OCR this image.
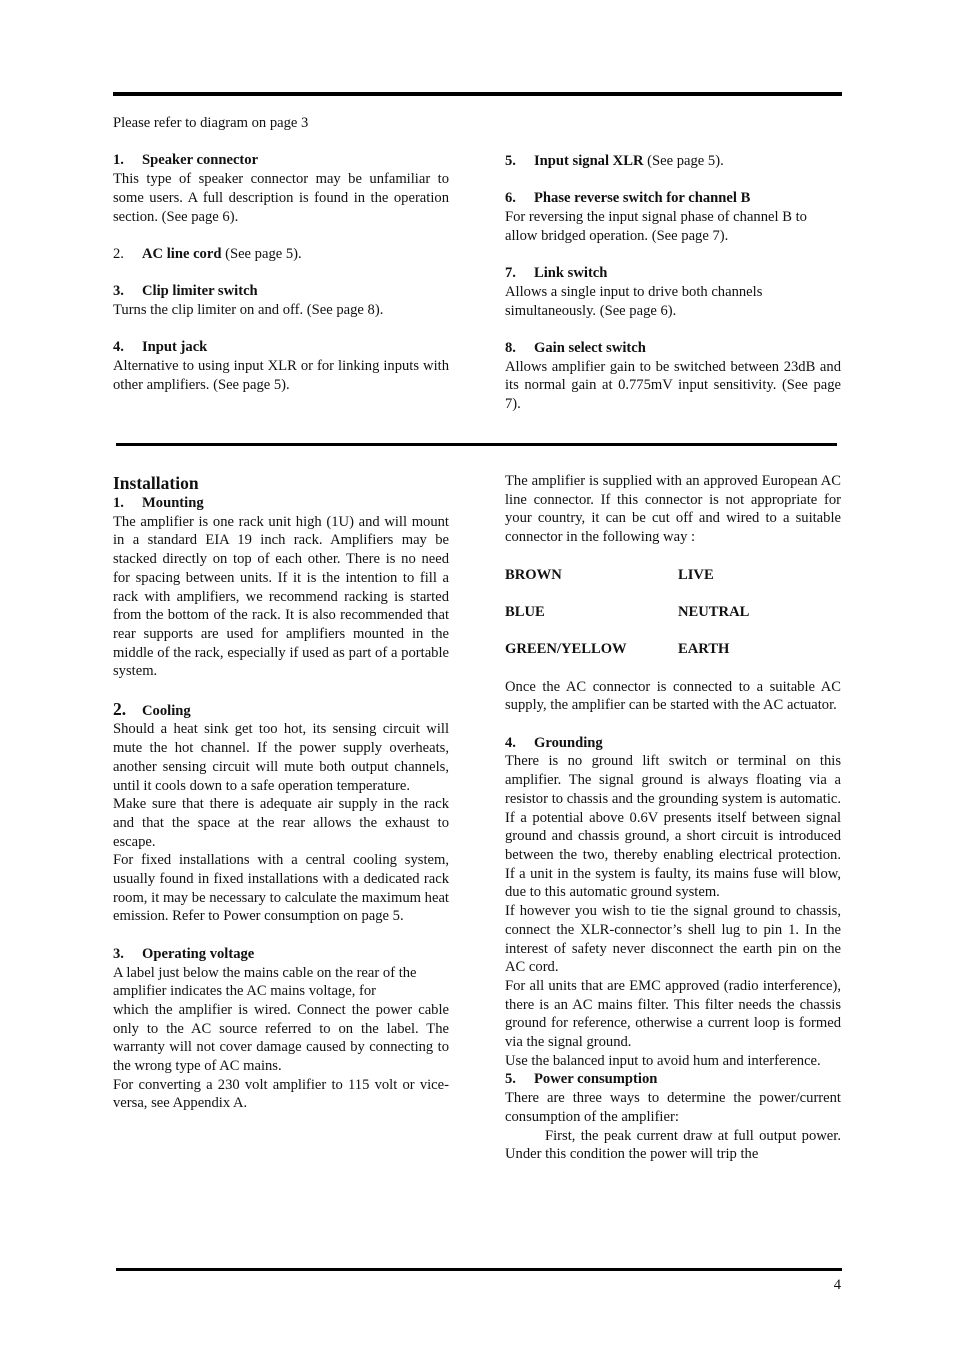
Please refer to diagram on page 3

1. Speaker connector

This type of speaker connector may be unfamiliar to some users. A full description is found in the operation section. (See page 6).

2. AC line cord (See page 5).

3. Clip limiter switch

Turns the clip limiter on and off. (See page 8).

4. Input jack

Alternative to using input XLR or for linking inputs with other amplifiers. (See page 5).

5. Input signal XLR (See page 5).

6. Phase reverse switch for channel B

For reversing the input signal phase of channel B to allow bridged operation. (See page 7).

7. Link switch

Allows a single input to drive both channels simultaneously. (See page 6).

8. Gain select switch

Allows amplifier gain to be switched between 23dB and its normal gain at 0.775mV input sensitivity. (See page 7).

Installation

1. Mounting

The amplifier is one rack unit high (1U) and will mount in a standard EIA 19 inch rack. Amplifiers may be stacked directly on top of each other. There is no need for spacing between units. If it is the intention to fill a rack with amplifiers, we recommend racking is started from the bottom of the rack. It is also recommended that rear supports are used for amplifiers mounted in the middle of the rack, especially if used as part of a portable system.

2. Cooling

Should a heat sink get too hot, its sensing circuit will mute the hot channel. If the power supply overheats, another sensing circuit will mute both output channels, until it cools down to a safe operation temperature.

Make sure that there is adequate air supply in the rack and that the space at the rear allows the exhaust to escape.

For fixed installations with a central cooling system, usually found in fixed installations with a dedicated rack room, it may be necessary to calculate the maximum heat emission. Refer to Power consumption on page 5.

3. Operating voltage

A label just below the mains cable on the rear of the amplifier indicates the AC mains voltage, for

which the amplifier is wired. Connect the power cable only to the AC source referred to on the label. The warranty will not cover damage caused by connecting to the wrong type of AC mains.

For converting a 230 volt amplifier to 115 volt or vice-versa, see Appendix A.

The amplifier is supplied with an approved European AC line connector. If this connector is not appropriate for your country, it can be cut off and wired to a suitable connector in the following way :

BROWN	LIVE
BLUE	NEUTRAL
GREEN/YELLOW	EARTH

Once the AC connector is connected to a suitable AC supply, the amplifier can be started with the AC actuator.

4. Grounding

There is no ground lift switch or terminal on this amplifier. The signal ground is always floating via a resistor to chassis and the grounding system is automatic. If a potential above 0.6V presents itself between signal ground and chassis ground, a short circuit is introduced between the two, thereby enabling electrical protection. If a unit in the system is faulty, its mains fuse will blow, due to this automatic ground system.

If however you wish to tie the signal ground to chassis, connect the XLR-connector’s shell lug to pin 1. In the interest of safety never disconnect the earth pin on the AC cord.

For all units that are EMC approved (radio interference), there is an AC mains filter. This filter needs the chassis ground for reference, otherwise a current loop is formed via the signal ground.

Use the balanced input to avoid hum and interference.

5. Power consumption

There are three ways to determine the power/current consumption of the amplifier:

First, the peak current draw at full output power. Under this condition the power will trip the

4
